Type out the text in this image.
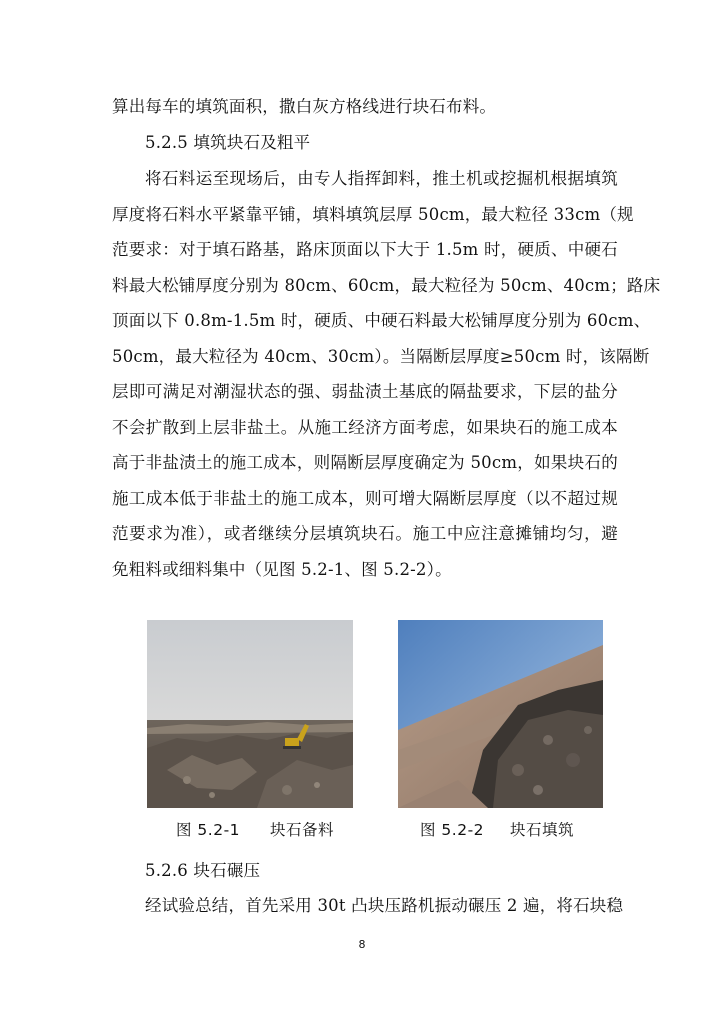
算出每车的填筑面积，撒白灰方格线进行块石布料。
5.2.5 填筑块石及粗平
将石料运至现场后，由专人指挥卸料，推土机或挖掘机根据填筑
厚度将石料水平紧靠平铺，填料填筑层厚 50cm，最大粒径 33cm（规
范要求：对于填石路基，路床顶面以下大于 1.5m 时，硬质、中硬石
料最大松铺厚度分别为 80cm、60cm，最大粒径为 50cm、40cm；路床
顶面以下 0.8m-1.5m 时，硬质、中硬石料最大松铺厚度分别为 60cm、
50cm，最大粒径为 40cm、30cm）。当隔断层厚度≥50cm 时，该隔断
层即可满足对潮湿状态的强、弱盐渍土基底的隔盐要求，下层的盐分
不会扩散到上层非盐土。从施工经济方面考虑，如果块石的施工成本
高于非盐渍土的施工成本，则隔断层厚度确定为 50cm，如果块石的
施工成本低于非盐土的施工成本，则可增大隔断层厚度（以不超过规
范要求为准），或者继续分层填筑块石。施工中应注意摊铺均匀，避
免粗料或细料集中（见图 5.2-1、图 5.2-2）。
图 5.2-1 块石备料	图 5.2-2 块石填筑
5.2.6 块石碾压
经试验总结，首先采用 30t 凸块压路机振动碾压 2 遍，将石块稳
8
